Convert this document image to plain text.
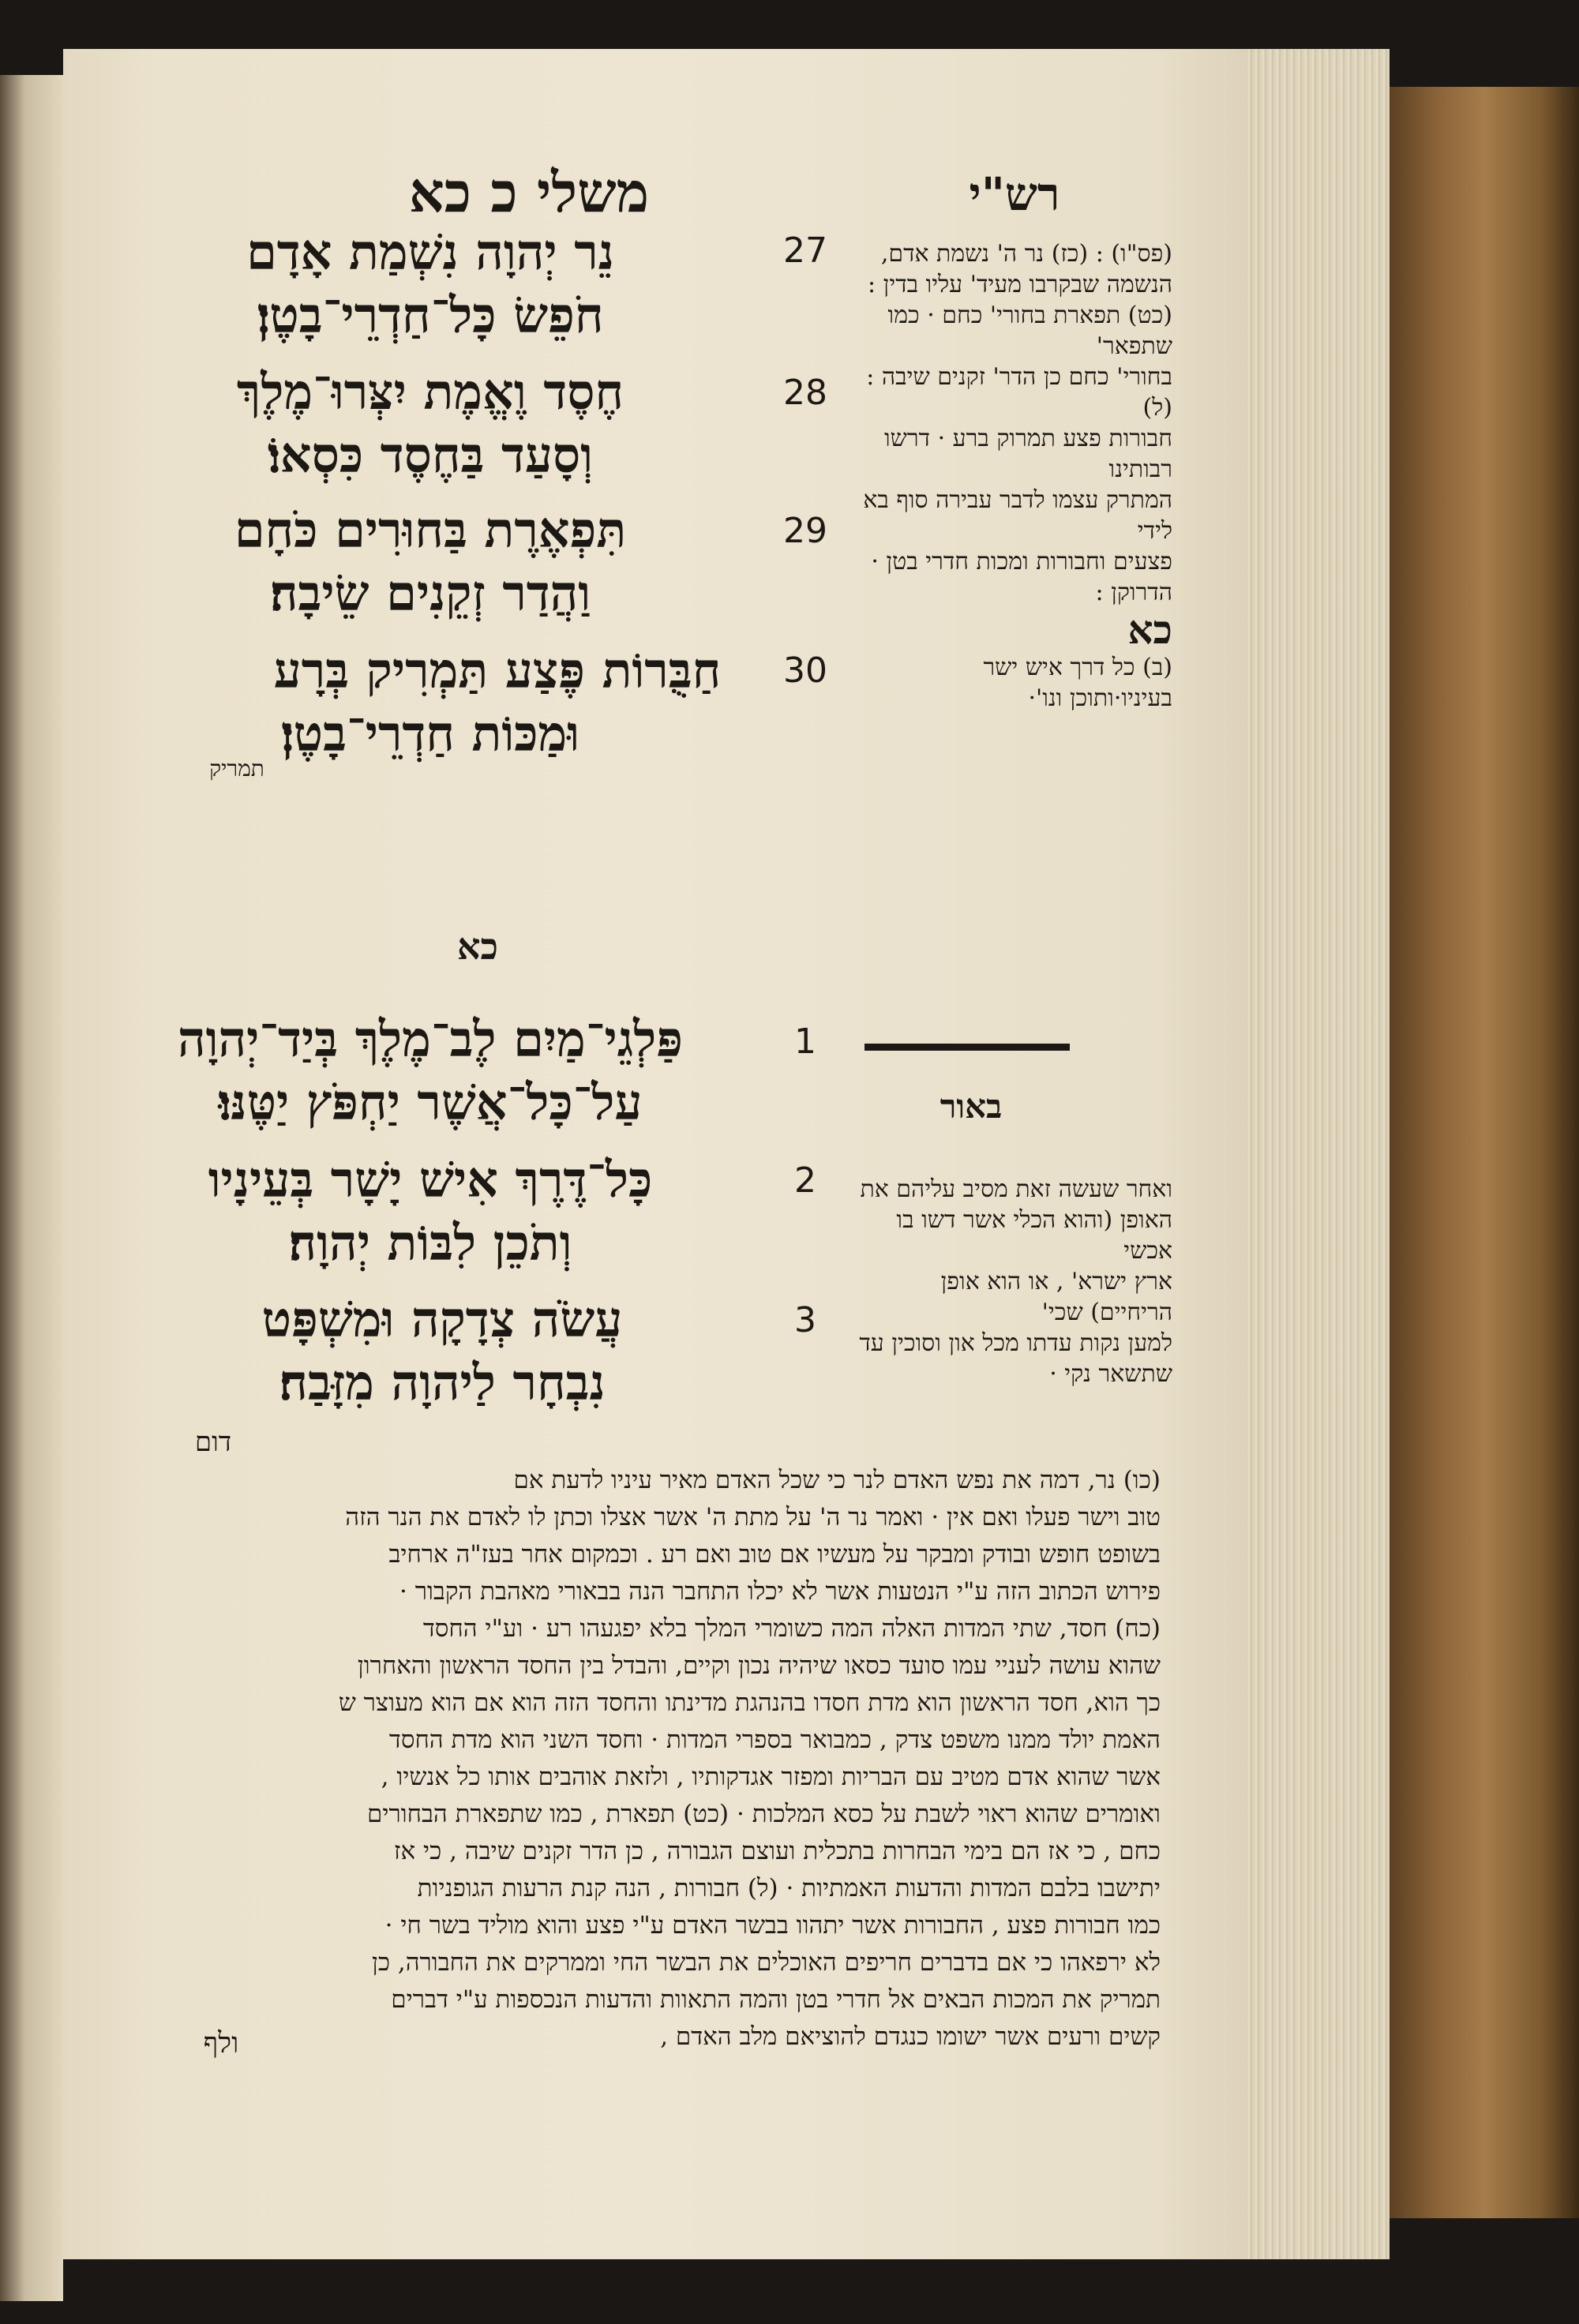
משלי כ כא	רש"י
27
נֵר יְהוָה נִשְׁמַת אָדָם
חֹפֵשׂ כָּל־חַדְרֵי־בָטֶן׃
28
חֶסֶד וֶאֱמֶת יִצְּרוּ־מֶלֶךְ
וְסָעַד בַּחֶסֶד כִּסְאוֹ׃
29
תִּפְאֶרֶת בַּחוּרִים כֹּחָם
וַהֲדַר זְקֵנִים שֵׂיבָה׃
30
חַבֻּרוֹת פֶּצַע תַּמְרִיק בְּרָע
וּמַכּוֹת חַדְרֵי־בָטֶן׃
תמריק
כא
1
פַּלְגֵי־מַיִם לֶב־מֶלֶךְ בְּיַד־יְהוָה
עַל־כָּל־אֲשֶׁר יַחְפֹּץ יַטֶּנּוּ׃
2
כָּל־דֶּרֶךְ אִישׁ יָשָׁר בְּעֵינָיו
וְתֹכֵן לִבּוֹת יְהוָה׃
3
עֲשֹׂה צְדָקָה וּמִשְׁפָּט
נִבְחָר לַיהוָה מִזָּבַח׃
דום

(פס"ו) : (כז) נר ה' נשמת אדם,

הנשמה שבקרבו מעיד' עליו בדין :

(כט) תפארת בחורי' כחם · כמו שתפאר'

בחורי' כחם כן הדר' זקנים שיבה : (ל)

חבורות פצע תמרוק ברע · דרשו רבותינו

המתרק עצמו לדבר עבירה סוף בא לידי

פצעים וחבורות ומכות חדרי בטן ·

הדרוקן :

כא

(ב) כל דרך איש ישר

בעיניו·ותוכן ונו'·

באור

ואחר שעשה זאת מסיב עליהם את

האופן (והוא הכלי אשר דשו בו אכשי

ארץ ישרא' , או הוא אופן הריחיים) שכי'

למען נקות עדתו מכל און וסוכין עד

שתשאר נקי ·

(כו) נר, דמה את נפש האדם לנר כי שכל האדם מאיר עיניו לדעת אם

טוב וישר פעלו ואם אין · ואמר נר ה' על מתת ה' אשר אצלו וכתן לו לאדם את הנר הזה

בשופט חופש ובודק ומבקר על מעשיו אם טוב ואם רע . וכמקום אחר בעז"ה ארחיב

פירוש הכתוב הזה ע"י הנטעות אשר לא יכלו התחבר הנה בבאורי מאהבת הקבור ·

(כח) חסד, שתי המדות האלה המה כשומרי המלך בלא יפגעהו רע · וע"י החסד

שהוא עושה לעניי עמו סועד כסאו שיהיה נכון וקיים, והבדל בין החסד הראשון והאחרון

כך הוא, חסד הראשון הוא מדת חסדו בהנהגת מדינתו והחסד הזה הוא אם הוא מעוצר ש

האמת יולד ממנו משפט צדק , כמבואר בספרי המדות · וחסד השני הוא מדת החסד

אשר שהוא אדם מטיב עם הבריות ומפזר אגדקותיו , ולזאת אוהבים אותו כל אנשיו ,

ואומרים שהוא ראוי לשבת על כסא המלכות · (כט) תפארת , כמו שתפארת הבחורים

כחם , כי אז הם בימי הבחרות בתכלית ועוצם הגבורה , כן הדר זקנים שיבה , כי אז

יתישבו בלבם המדות והדעות האמתיות · (ל) חבורות , הנה קנת הרעות הגופניות

כמו חבורות פצע , החבורות אשר יתהוו בבשר האדם ע"י פצע והוא מוליד בשר חי ·

לא ירפאהו כי אם בדברים חריפים האוכלים את הבשר החי וממרקים את החבורה, כן

תמריק את המכות הבאים אל חדרי בטן והמה התאוות והדעות הנכספות ע"י דברים

קשים ורעים אשר ישומו כנגדם להוציאם מלב האדם ,

ולף
